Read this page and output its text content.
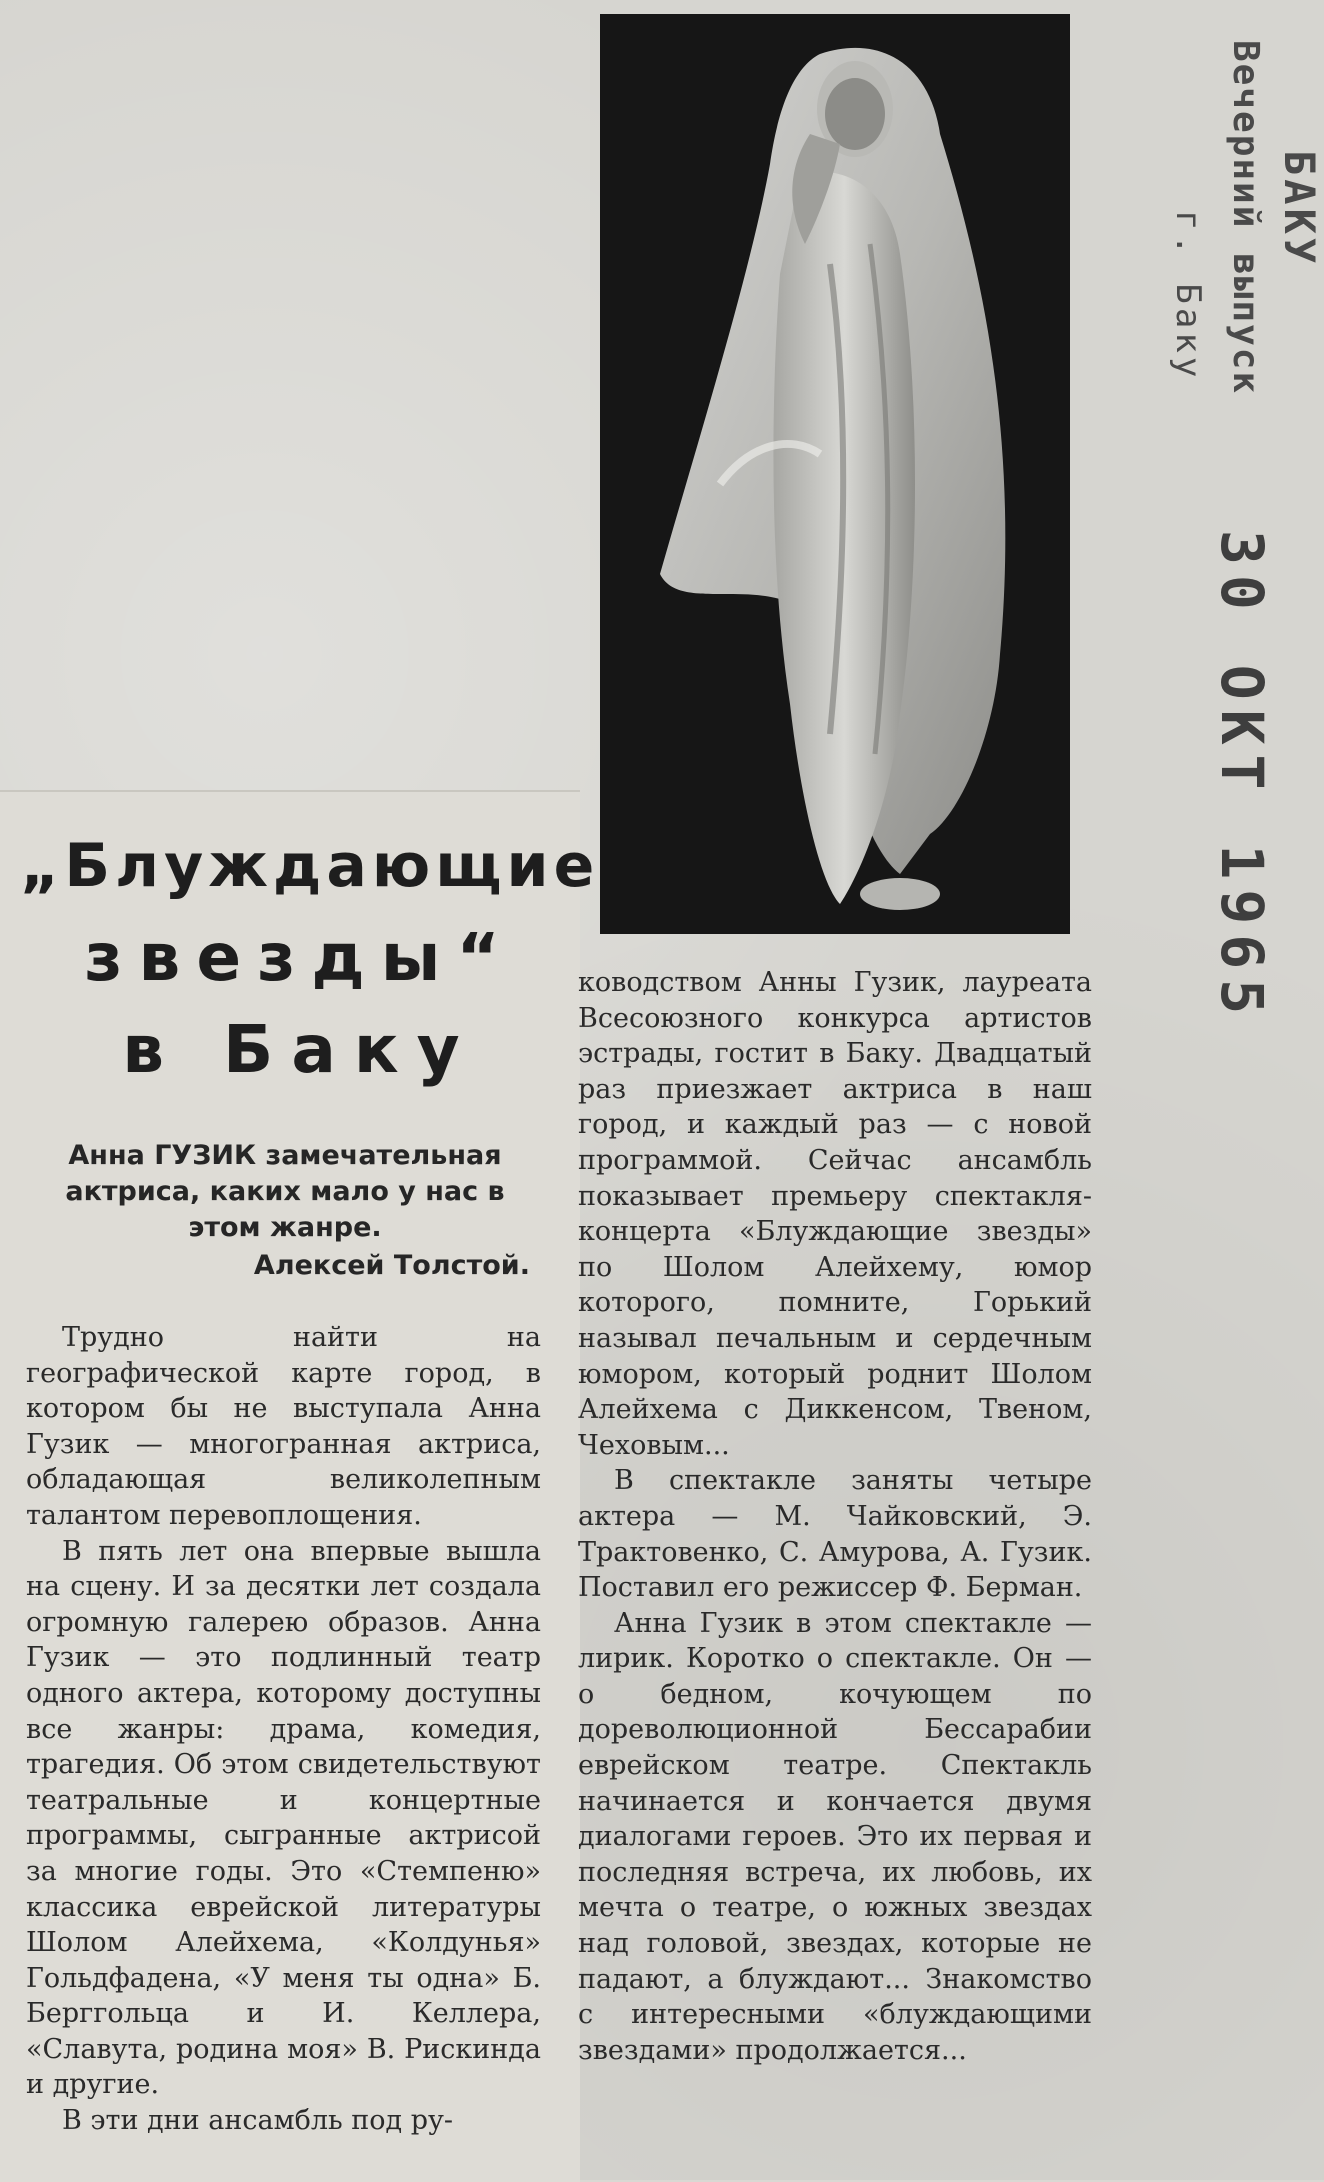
БАКУ
Вечерний выпуск
г. Баку
30 ОКТ 1965
„Блуждающие
звезды“
в Баку
Анна ГУЗИК замечательная актриса, каких мало у нас в этом жанре.
Алексей Толстой.

Трудно найти на географической карте город, в котором бы не выступала Анна Гузик — многогранная актриса, обладающая великолепным талантом перевоплощения.

В пять лет она впервые вышла на сцену. И за десятки лет создала огромную галерею образов. Анна Гузик — это подлинный театр одного актера, которому доступны все жанры: драма, комедия, трагедия. Об этом свидетельствуют театральные и концертные программы, сыгранные актрисой за многие годы. Это «Стемпеню» классика еврейской литературы Шолом Алейхема, «Колдунья» Гольдфадена, «У меня ты одна» Б. Берггольца и И. Келлера, «Славута, родина моя» В. Рискинда и другие.

В эти дни ансамбль под ру-

ководством Анны Гузик, лауреата Всесоюзного конкурса артистов эстрады, гостит в Баку. Двадцатый раз приезжает актриса в наш город, и каждый раз — с новой программой. Сейчас ансамбль показывает премьеру спектакля-концерта «Блуждающие звезды» по Шолом Алейхему, юмор которого, помните, Горький называл печальным и сердечным юмором, который роднит Шолом Алейхема с Диккенсом, Твеном, Чеховым...

В спектакле заняты четыре актера — М. Чайковский, Э. Трактовенко, С. Амурова, А. Гузик. Поставил его режиссер Ф. Берман.

Анна Гузик в этом спектакле — лирик. Коротко о спектакле. Он — о бедном, кочующем по дореволюционной Бессарабии еврейском театре. Спектакль начинается и кончается двумя диалогами героев. Это их первая и последняя встреча, их любовь, их мечта о театре, о южных звездах над головой, звездах, которые не падают, а блуждают... Знакомство с интересными «блуждающими звездами» продолжается...
